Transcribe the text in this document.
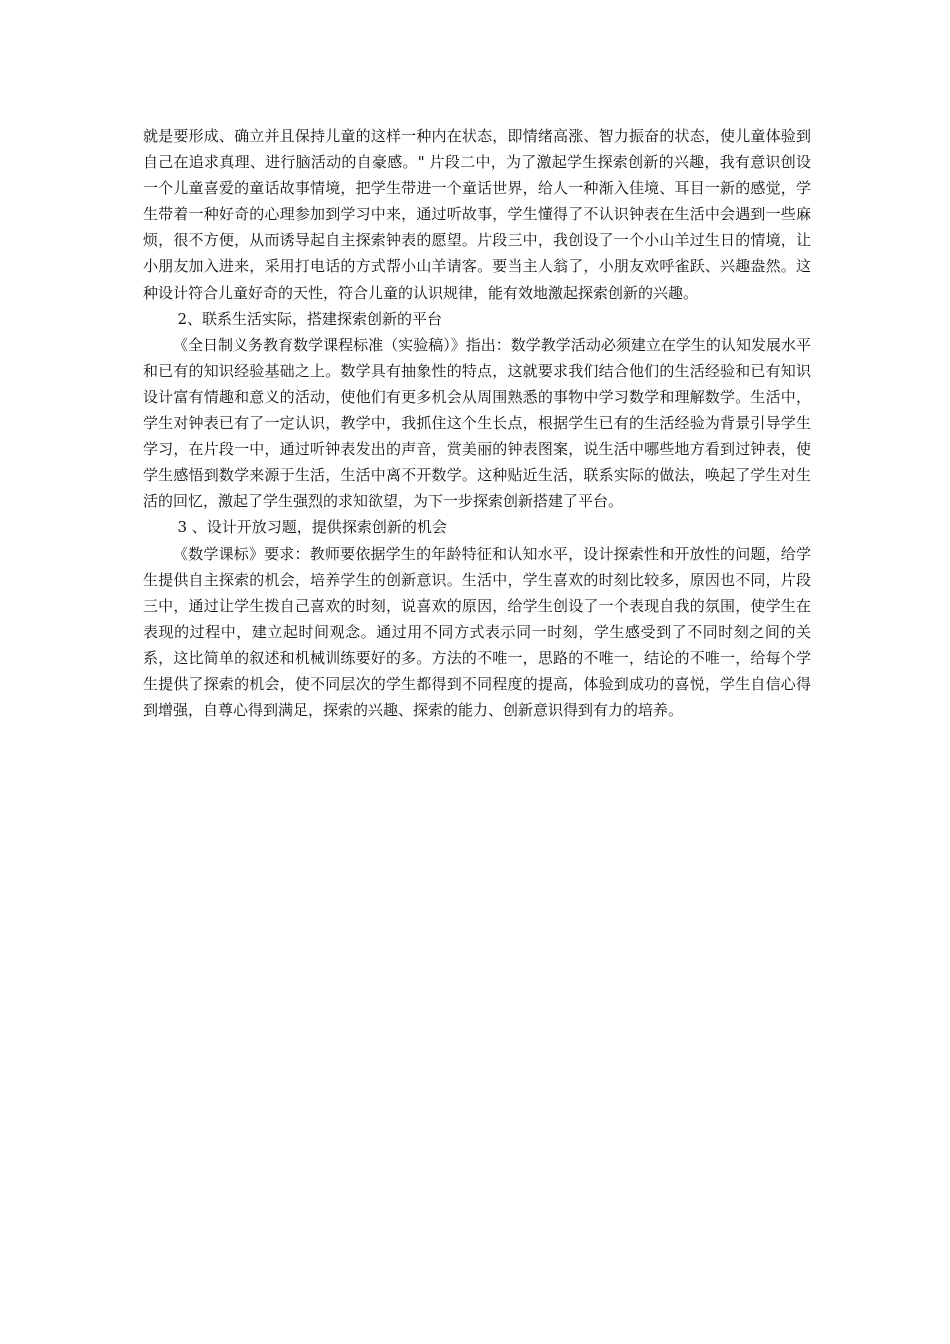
就是要形成、确立并且保持儿童的这样一种内在状态，即情绪高涨、智力振奋的状态，使儿童体验到自己在追求真理、进行脑活动的自豪感。" 片段二中，为了激起学生探索创新的兴趣，我有意识创设一个儿童喜爱的童话故事情境，把学生带进一个童话世界，给人一种渐入佳境、耳目一新的感觉，学生带着一种好奇的心理参加到学习中来，通过听故事，学生懂得了不认识钟表在生活中会遇到一些麻烦，很不方便，从而诱导起自主探索钟表的愿望。片段三中，我创设了一个小山羊过生日的情境，让小朋友加入进来，采用打电话的方式帮小山羊请客。要当主人翁了，小朋友欢呼雀跃、兴趣盎然。这种设计符合儿童好奇的天性，符合儿童的认识规律，能有效地激起探索创新的兴趣。

2、联系生活实际，搭建探索创新的平台

《全日制义务教育数学课程标准（实验稿）》指出：数学教学活动必须建立在学生的认知发展水平和已有的知识经验基础之上。数学具有抽象性的特点，这就要求我们结合他们的生活经验和已有知识设计富有情趣和意义的活动，使他们有更多机会从周围熟悉的事物中学习数学和理解数学。生活中，学生对钟表已有了一定认识，教学中，我抓住这个生长点，根据学生已有的生活经验为背景引导学生学习，在片段一中，通过听钟表发出的声音，赏美丽的钟表图案，说生活中哪些地方看到过钟表，使学生感悟到数学来源于生活，生活中离不开数学。这种贴近生活，联系实际的做法，唤起了学生对生活的回忆，激起了学生强烈的求知欲望，为下一步探索创新搭建了平台。

3 、设计开放习题，提供探索创新的机会

《数学课标》要求：教师要依据学生的年龄特征和认知水平，设计探索性和开放性的问题，给学生提供自主探索的机会，培养学生的创新意识。生活中，学生喜欢的时刻比较多，原因也不同，片段三中，通过让学生拨自己喜欢的时刻，说喜欢的原因，给学生创设了一个表现自我的氛围，使学生在表现的过程中，建立起时间观念。通过用不同方式表示同一时刻，学生感受到了不同时刻之间的关系，这比简单的叙述和机械训练要好的多。方法的不唯一，思路的不唯一，结论的不唯一，给每个学生提供了探索的机会，使不同层次的学生都得到不同程度的提高，体验到成功的喜悦，学生自信心得到增强，自尊心得到满足，探索的兴趣、探索的能力、创新意识得到有力的培养。
